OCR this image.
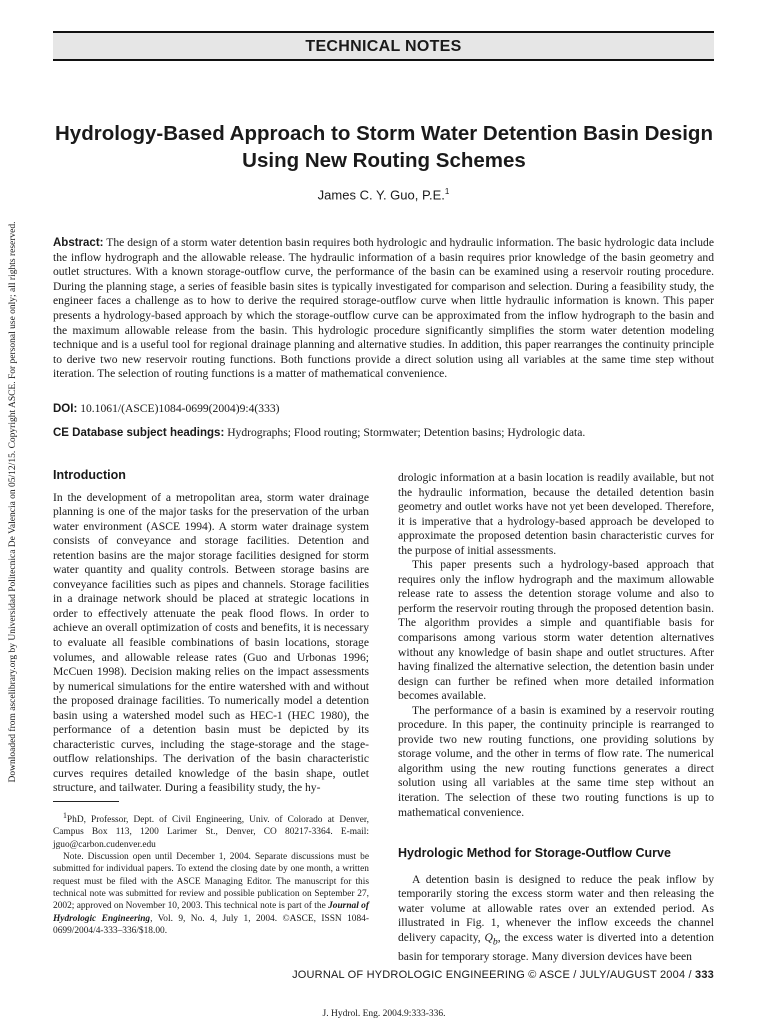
TECHNICAL NOTES
Hydrology-Based Approach to Storm Water Detention Basin Design Using New Routing Schemes
James C. Y. Guo, P.E.$^1$
Abstract: The design of a storm water detention basin requires both hydrologic and hydraulic information. The basic hydrologic data include the inflow hydrograph and the allowable release. The hydraulic information of a basin requires prior knowledge of the basin geometry and outlet structures. With a known storage-outflow curve, the performance of the basin can be examined using a reservoir routing procedure. During the planning stage, a series of feasible basin sites is typically investigated for comparison and selection. During a feasibility study, the engineer faces a challenge as to how to derive the required storage-outflow curve when little hydraulic information is known. This paper presents a hydrology-based approach by which the storage-outflow curve can be approximated from the inflow hydrograph to the basin and the maximum allowable release from the basin. This hydrologic procedure significantly simplifies the storm water detention modeling technique and is a useful tool for regional drainage planning and alternative studies. In addition, this paper rearranges the continuity principle to derive two new reservoir routing functions. Both functions provide a direct solution using all variables at the same time step without iteration. The selection of routing functions is a matter of mathematical convenience.
DOI: 10.1061/(ASCE)1084-0699(2004)9:4(333)
CE Database subject headings: Hydrographs; Flood routing; Stormwater; Detention basins; Hydrologic data.
Introduction

In the development of a metropolitan area, storm water drainage planning is one of the major tasks for the preservation of the urban water environment (ASCE 1994). A storm water drainage system consists of conveyance and storage facilities. Detention and retention basins are the major storage facilities designed for storm water quantity and quality controls. Between storage basins are conveyance facilities such as pipes and channels. Storage facilities in a drainage network should be placed at strategic locations in order to effectively attenuate the peak flood flows. In order to achieve an overall optimization of costs and benefits, it is necessary to evaluate all feasible combinations of basin locations, storage volumes, and allowable release rates (Guo and Urbonas 1996; McCuen 1998). Decision making relies on the impact assessments by numerical simulations for the entire watershed with and without the proposed drainage facilities. To numerically model a detention basin using a watershed model such as HEC-1 (HEC 1980), the performance of a detention basin must be depicted by its characteristic curves, including the stage-storage and the stage-outflow relationships. The derivation of the basin characteristic curves requires detailed knowledge of the basin shape, outlet structure, and tailwater. During a feasibility study, the hy-

drologic information at a basin location is readily available, but not the hydraulic information, because the detailed detention basin geometry and outlet works have not yet been developed. Therefore, it is imperative that a hydrology-based approach be developed to approximate the proposed detention basin characteristic curves for the purpose of initial assessments.

This paper presents such a hydrology-based approach that requires only the inflow hydrograph and the maximum allowable release rate to assess the detention storage volume and also to perform the reservoir routing through the proposed detention basin. The algorithm provides a simple and quantifiable basis for comparisons among various storm water detention alternatives without any knowledge of basin shape and outlet structures. After having finalized the alternative selection, the detention basin under design can further be refined when more detailed information becomes available.

The performance of a basin is examined by a reservoir routing procedure. In this paper, the continuity principle is rearranged to provide two new routing functions, one providing solutions by storage volume, and the other in terms of flow rate. The numerical algorithm using the new routing functions generates a direct solution using all variables at the same time step without an iteration. The selection of these two routing functions is up to mathematical convenience.

Hydrologic Method for Storage-Outflow Curve

A detention basin is designed to reduce the peak inflow by temporarily storing the excess storm water and then releasing the water volume at allowable rates over an extended period. As illustrated in Fig. 1, whenever the inflow exceeds the channel delivery capacity, $Q_b$, the excess water is diverted into a detention basin for temporary storage. Many diversion devices have been

$^1$PhD, Professor, Dept. of Civil Engineering, Univ. of Colorado at Denver, Campus Box 113, 1200 Larimer St., Denver, CO 80217-3364. E-mail: jguo@carbon.cudenver.edu

Note. Discussion open until December 1, 2004. Separate discussions must be submitted for individual papers. To extend the closing date by one month, a written request must be filed with the ASCE Managing Editor. The manuscript for this technical note was submitted for review and possible publication on September 27, 2002; approved on November 10, 2003. This technical note is part of the Journal of Hydrologic Engineering, Vol. 9, No. 4, July 1, 2004. ©ASCE, ISSN 1084-0699/2004/4-333–336/$18.00.

JOURNAL OF HYDROLOGIC ENGINEERING © ASCE / JULY/AUGUST 2004 / 333
J. Hydrol. Eng. 2004.9:333-336.
Downloaded from ascelibrary.org by Universidad Politecnica De Valencia on 05/12/15. Copyright ASCE. For personal use only; all rights reserved.
